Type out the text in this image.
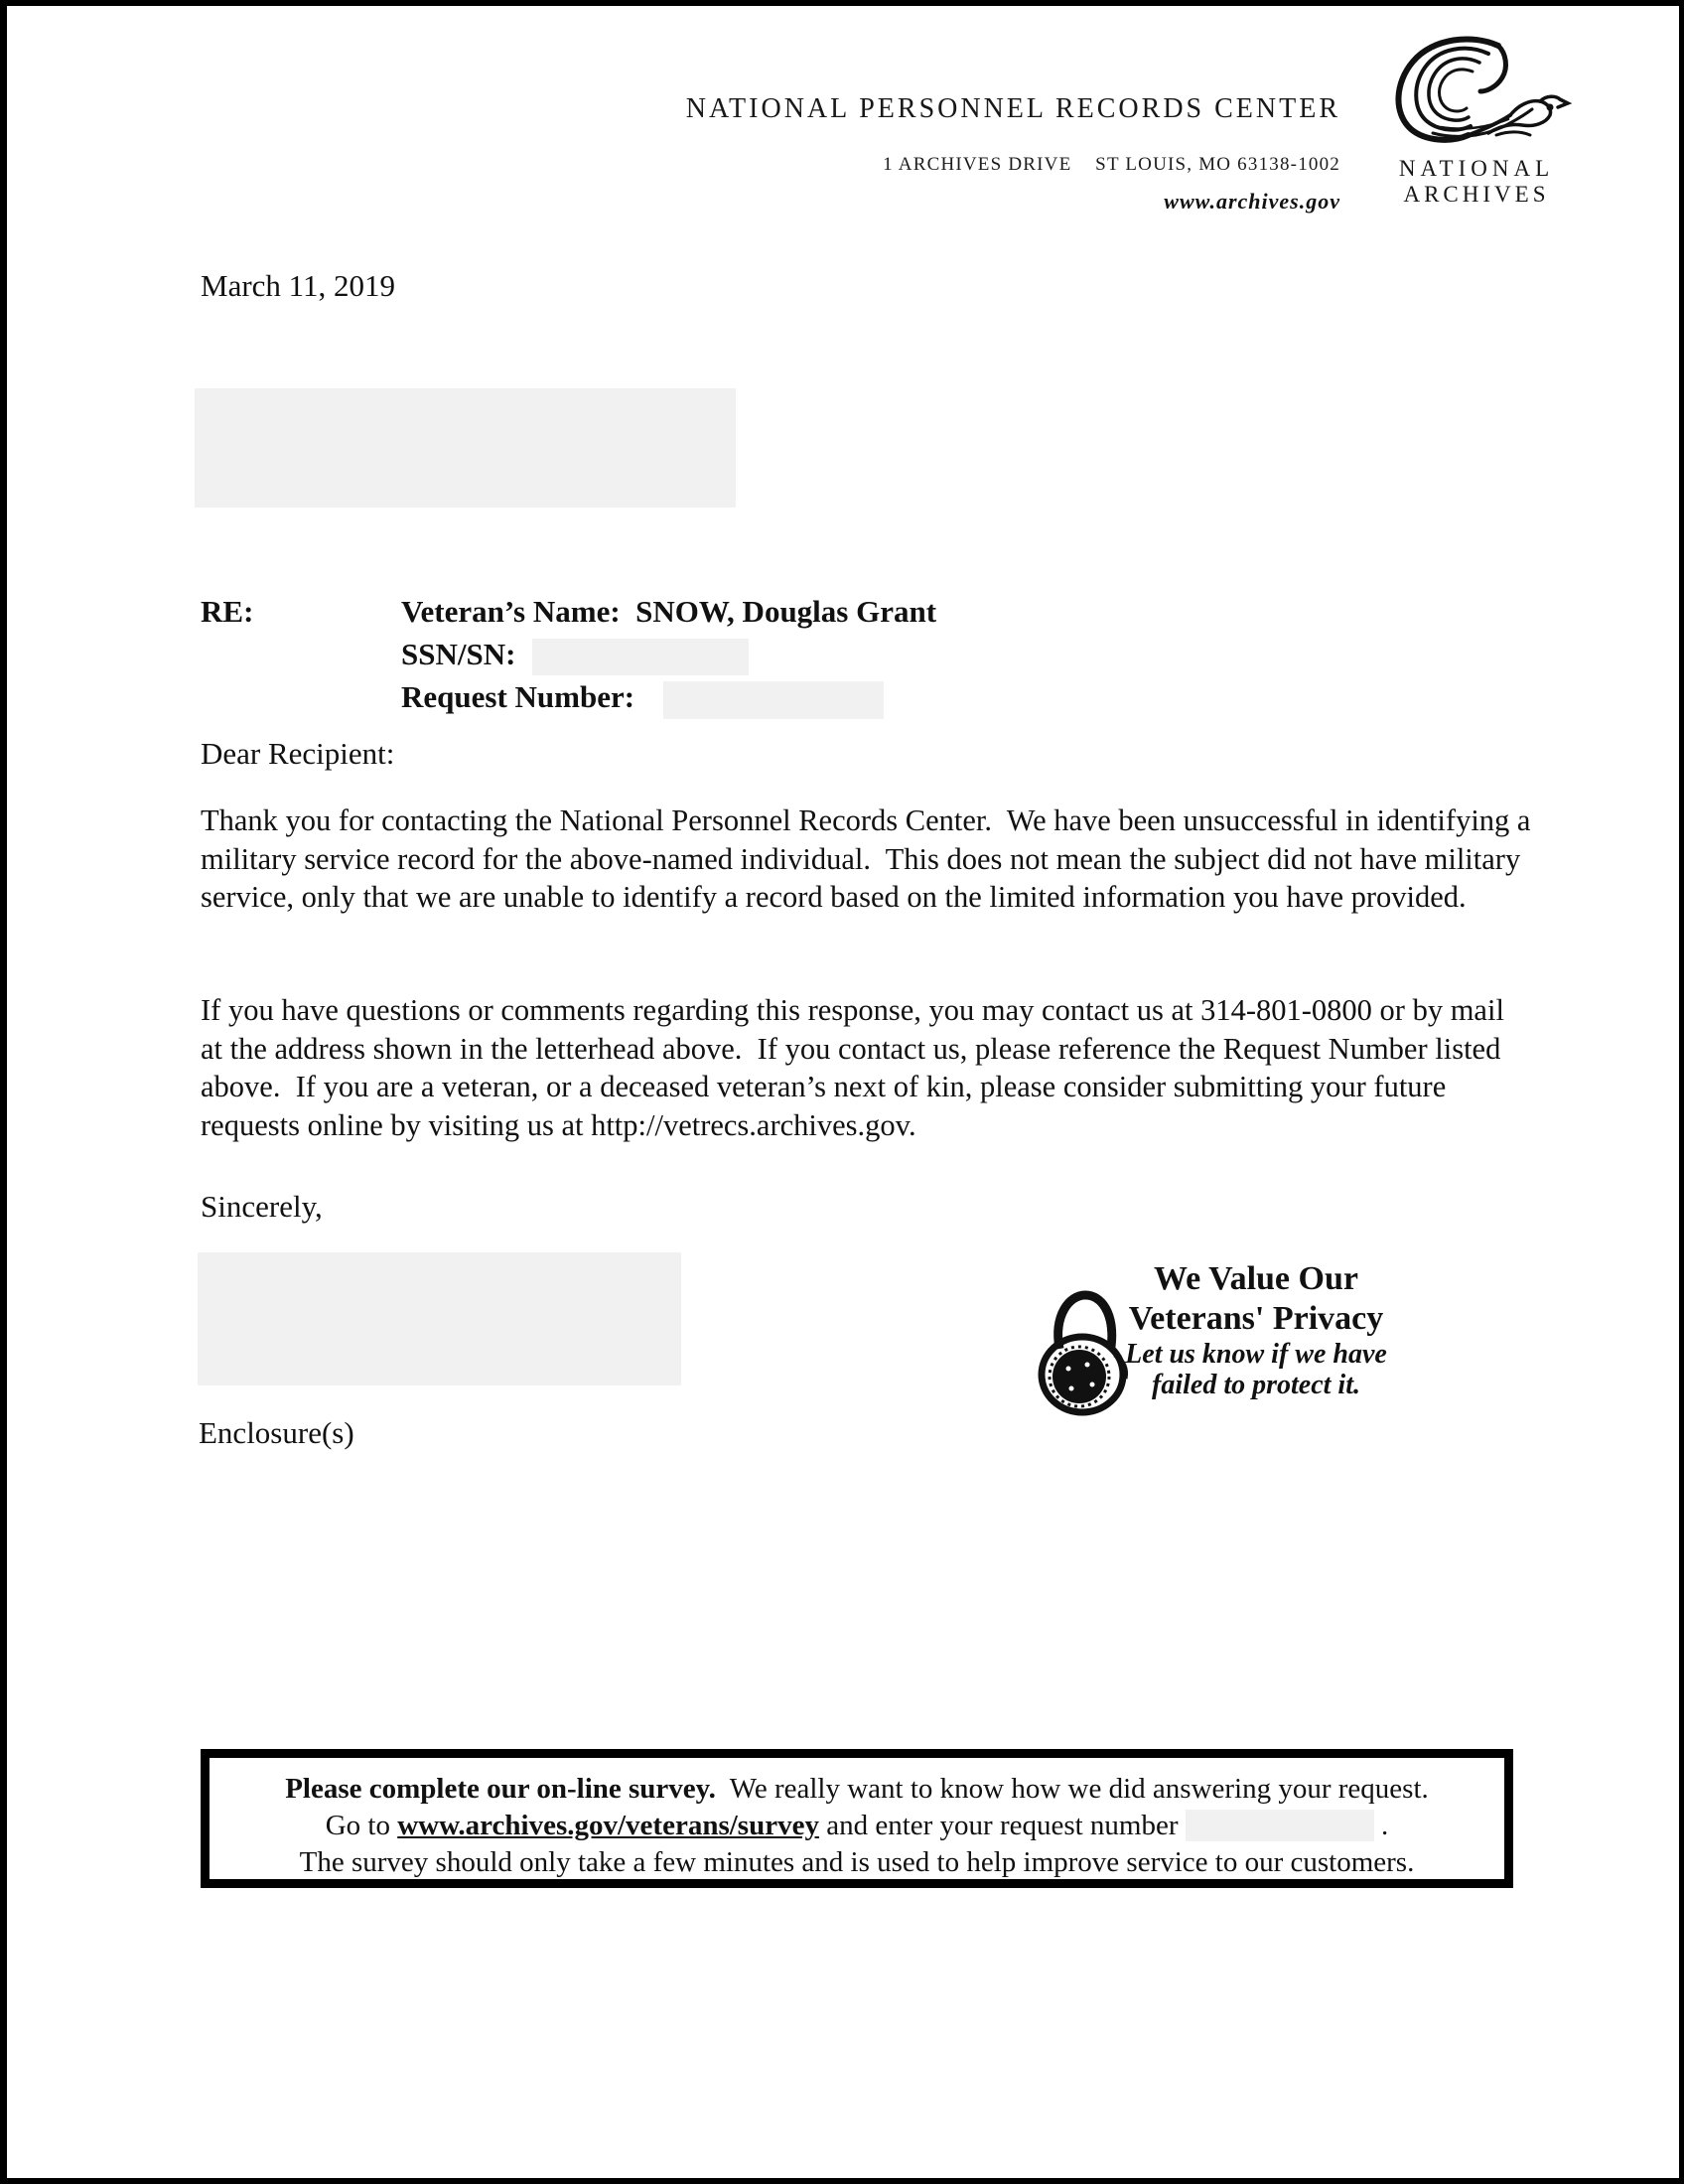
NATIONAL PERSONNEL RECORDS CENTER
1 ARCHIVES DRIVE    ST LOUIS, MO 63138-1002
www.archives.gov
NATIONAL
ARCHIVES
March 11, 2019
RE:	Veteran’s Name:  SNOW, Douglas Grant
SSN/SN:
Request Number:
Dear Recipient:
Thank you for contacting the National Personnel Records Center.  We have been unsuccessful in identifying a military service record for the above-named individual.  This does not mean the subject did not have military service, only that we are unable to identify a record based on the limited information you have provided.
If you have questions or comments regarding this response, you may contact us at 314-801-0800 or by mail at the address shown in the letterhead above.  If you contact us, please reference the Request Number listed above.  If you are a veteran, or a deceased veteran’s next of kin, please consider submitting your future requests online by visiting us at http://vetrecs.archives.gov.
Sincerely,
We Value Our
Veterans' Privacy
Let us know if we have
failed to protect it.
Enclosure(s)
Please complete our on-line survey.  We really want to know how we did answering your request.
Go to www.archives.gov/veterans/survey and enter your request number	.
The survey should only take a few minutes and is used to help improve service to our customers.
